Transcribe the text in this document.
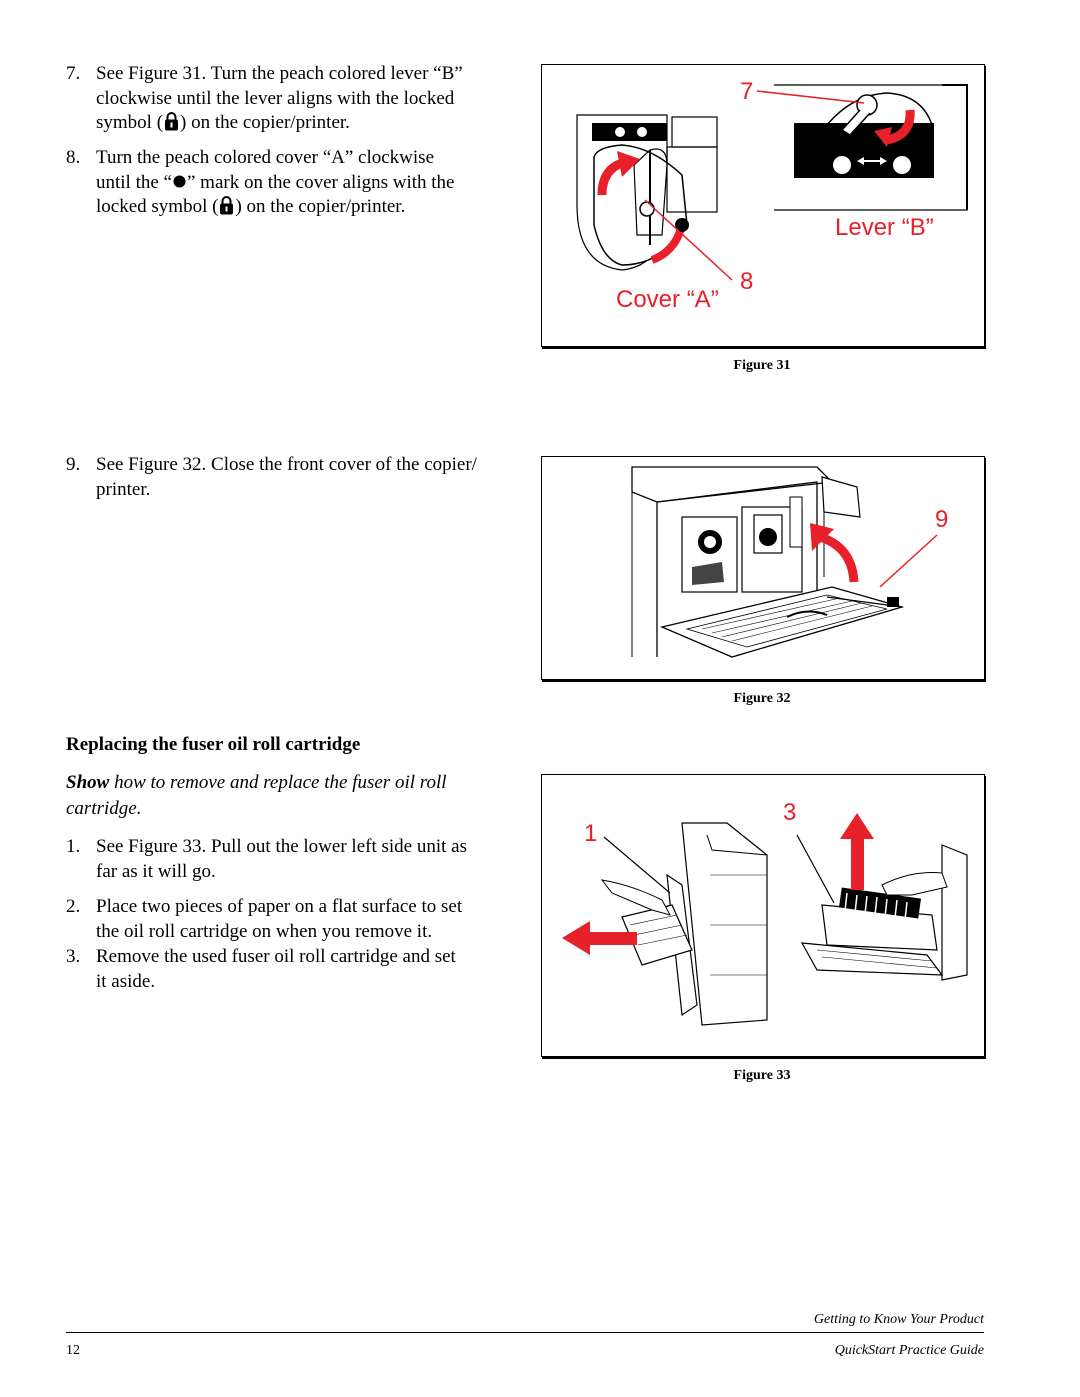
7. See Figure 31. Turn the peach colored lever “B”
clockwise until the lever aligns with the locked
symbol ( ) on the copier/printer.
8. Turn the peach colored cover “A” clockwise
until the “ ” mark on the cover aligns with the
locked symbol ( ) on the copier/printer.
7
8
Lever “B”
Cover “A”
Figure 31
9. See Figure 32. Close the front cover of the copier/
printer.
9
Figure 32
Replacing the fuser oil roll cartridge
Show how to remove and replace the fuser oil roll
cartridge.
1. See Figure 33. Pull out the lower left side unit as
far as it will go.
2. Place two pieces of paper on a flat surface to set
the oil roll cartridge on when you remove it.
3. Remove the used fuser oil roll cartridge and set
it aside.
1
3
Figure 33
Getting to Know Your Product
12	QuickStart Practice Guide
